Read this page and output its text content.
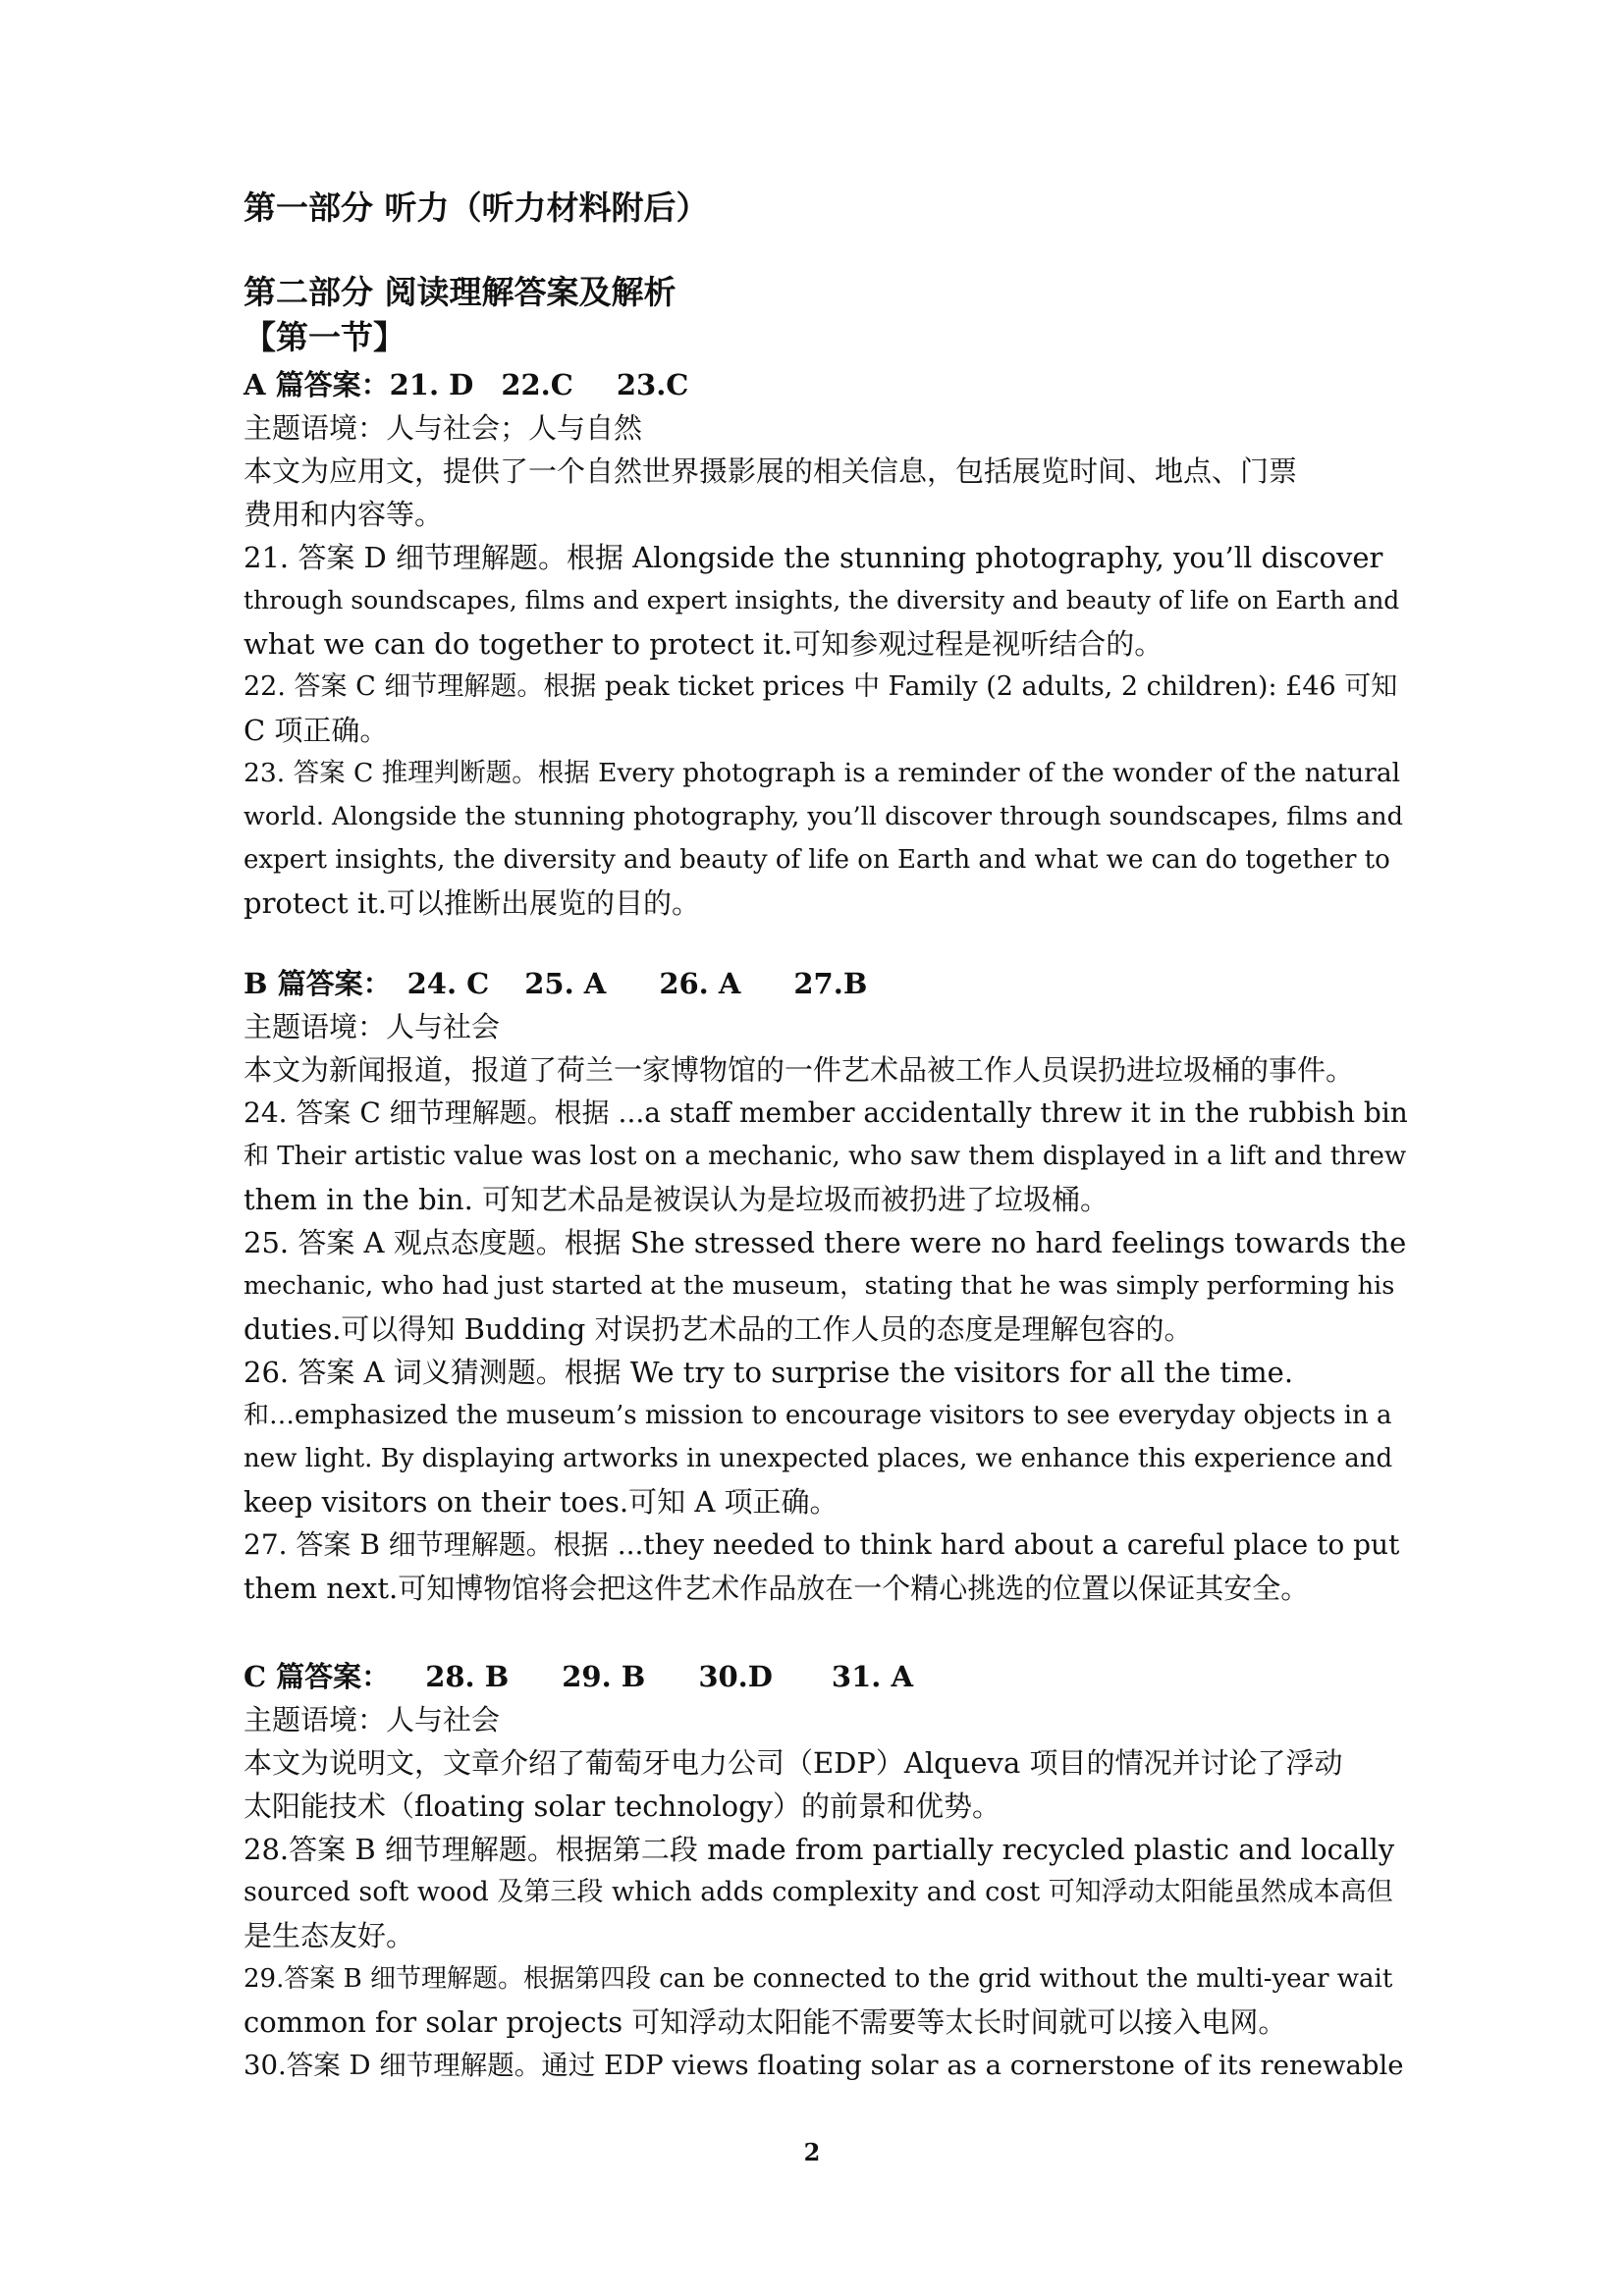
第一部分 听力（听力材料附后）
第二部分 阅读理解答案及解析
【第一节】
A 篇答案：21. D 22.C 23.C
主题语境：人与社会；人与自然
本文为应用文，提供了一个自然世界摄影展的相关信息，包括展览时间、地点、门票
费用和内容等。
21. 答案 D 细节理解题。根据 Alongside the stunning photography, you’ll discover
through soundscapes, films and expert insights, the diversity and beauty of life on Earth and
what we can do together to protect it.可知参观过程是视听结合的。
22. 答案 C 细节理解题。根据 peak ticket prices 中 Family (2 adults, 2 children): £46 可知
C 项正确。
23. 答案 C 推理判断题。根据 Every photograph is a reminder of the wonder of the natural
world. Alongside the stunning photography, you’ll discover through soundscapes, films and
expert insights, the diversity and beauty of life on Earth and what we can do together to
protect it.可以推断出展览的目的。
B 篇答案： 24. C 25. A 26. A 27.B
主题语境：人与社会
本文为新闻报道，报道了荷兰一家博物馆的一件艺术品被工作人员误扔进垃圾桶的事件。
24. 答案 C 细节理解题。根据 ...a staff member accidentally threw it in the rubbish bin
和 Their artistic value was lost on a mechanic, who saw them displayed in a lift and threw
them in the bin. 可知艺术品是被误认为是垃圾而被扔进了垃圾桶。
25. 答案 A 观点态度题。根据 She stressed there were no hard feelings towards the
mechanic, who had just started at the museum，stating that he was simply performing his
duties.可以得知 Budding 对误扔艺术品的工作人员的态度是理解包容的。
26. 答案 A 词义猜测题。根据 We try to surprise the visitors for all the time.
和…emphasized the museum’s mission to encourage visitors to see everyday objects in a
new light. By displaying artworks in unexpected places, we enhance this experience and
keep visitors on their toes.可知 A 项正确。
27. 答案 B 细节理解题。根据 ...they needed to think hard about a careful place to put
them next.可知博物馆将会把这件艺术作品放在一个精心挑选的位置以保证其安全。
C 篇答案： 28. B 29. B 30.D 31. A
主题语境：人与社会
本文为说明文，文章介绍了葡萄牙电力公司（EDP）Alqueva 项目的情况并讨论了浮动
太阳能技术（floating solar technology）的前景和优势。
28.答案 B 细节理解题。根据第二段 made from partially recycled plastic and locally
sourced soft wood 及第三段 which adds complexity and cost 可知浮动太阳能虽然成本高但
是生态友好。
29.答案 B 细节理解题。根据第四段 can be connected to the grid without the multi-year wait
common for solar projects 可知浮动太阳能不需要等太长时间就可以接入电网。
30.答案 D 细节理解题。通过 EDP views floating solar as a cornerstone of its renewable
2
